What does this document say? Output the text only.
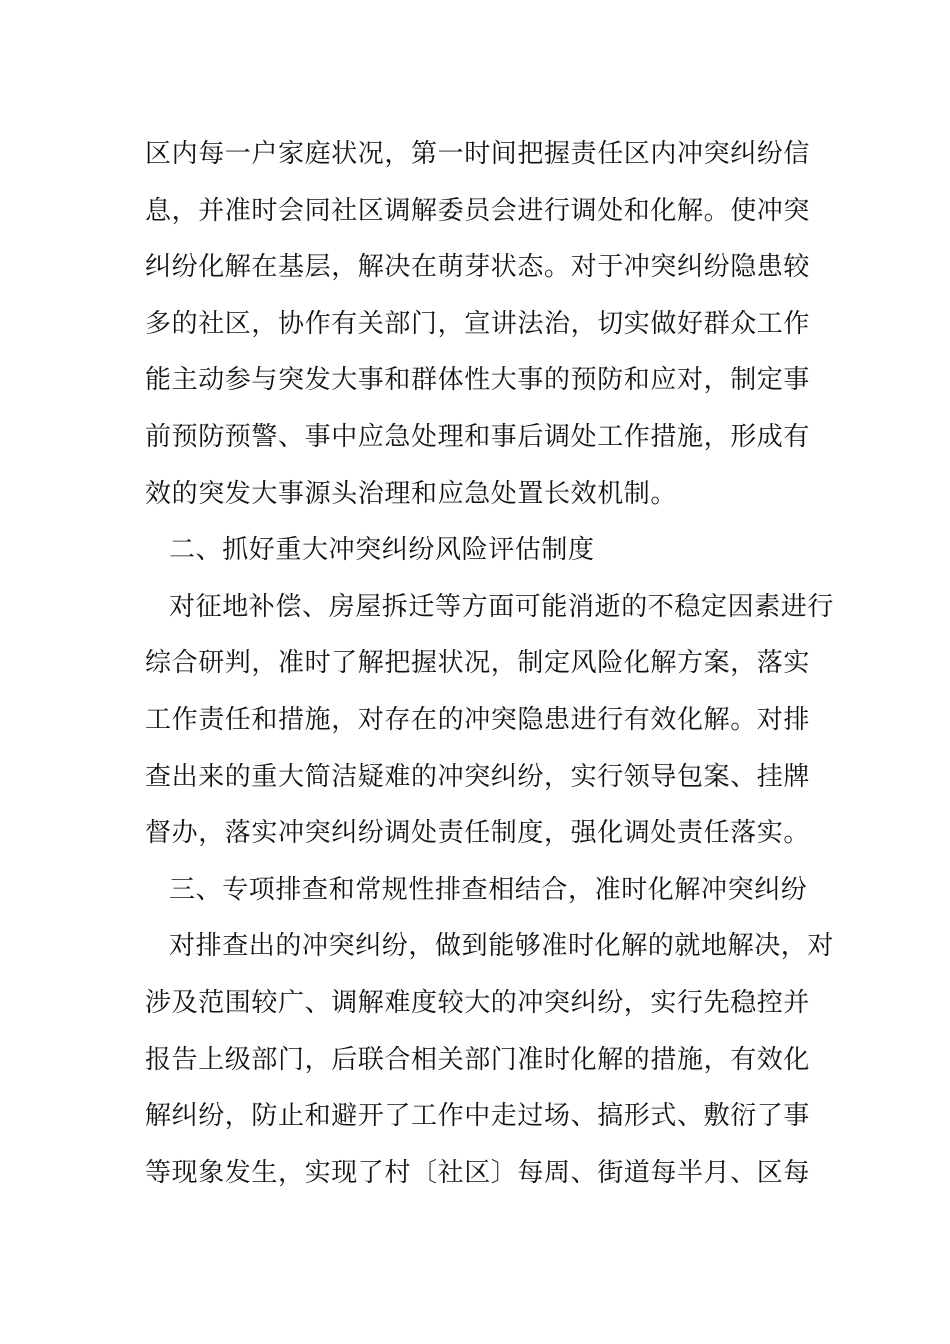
区内每一户家庭状况，第一时间把握责任区内冲突纠纷信
息，并准时会同社区调解委员会进行调处和化解。使冲突
纠纷化解在基层，解决在萌芽状态。对于冲突纠纷隐患较
多的社区，协作有关部门，宣讲法治，切实做好群众工作
能主动参与突发大事和群体性大事的预防和应对，制定事
前预防预警、事中应急处理和事后调处工作措施，形成有
效的突发大事源头治理和应急处置长效机制。
二、抓好重大冲突纠纷风险评估制度
对征地补偿、房屋拆迁等方面可能消逝的不稳定因素进行
综合研判，准时了解把握状况，制定风险化解方案，落实
工作责任和措施，对存在的冲突隐患进行有效化解。对排
查出来的重大简洁疑难的冲突纠纷，实行领导包案、挂牌
督办，落实冲突纠纷调处责任制度，强化调处责任落实。
三、专项排查和常规性排查相结合，准时化解冲突纠纷
对排查出的冲突纠纷，做到能够准时化解的就地解决，对
涉及范围较广、调解难度较大的冲突纠纷，实行先稳控并
报告上级部门，后联合相关部门准时化解的措施，有效化
解纠纷，防止和避开了工作中走过场、搞形式、敷衍了事
等现象发生，实现了村〔社区〕每周、街道每半月、区每
